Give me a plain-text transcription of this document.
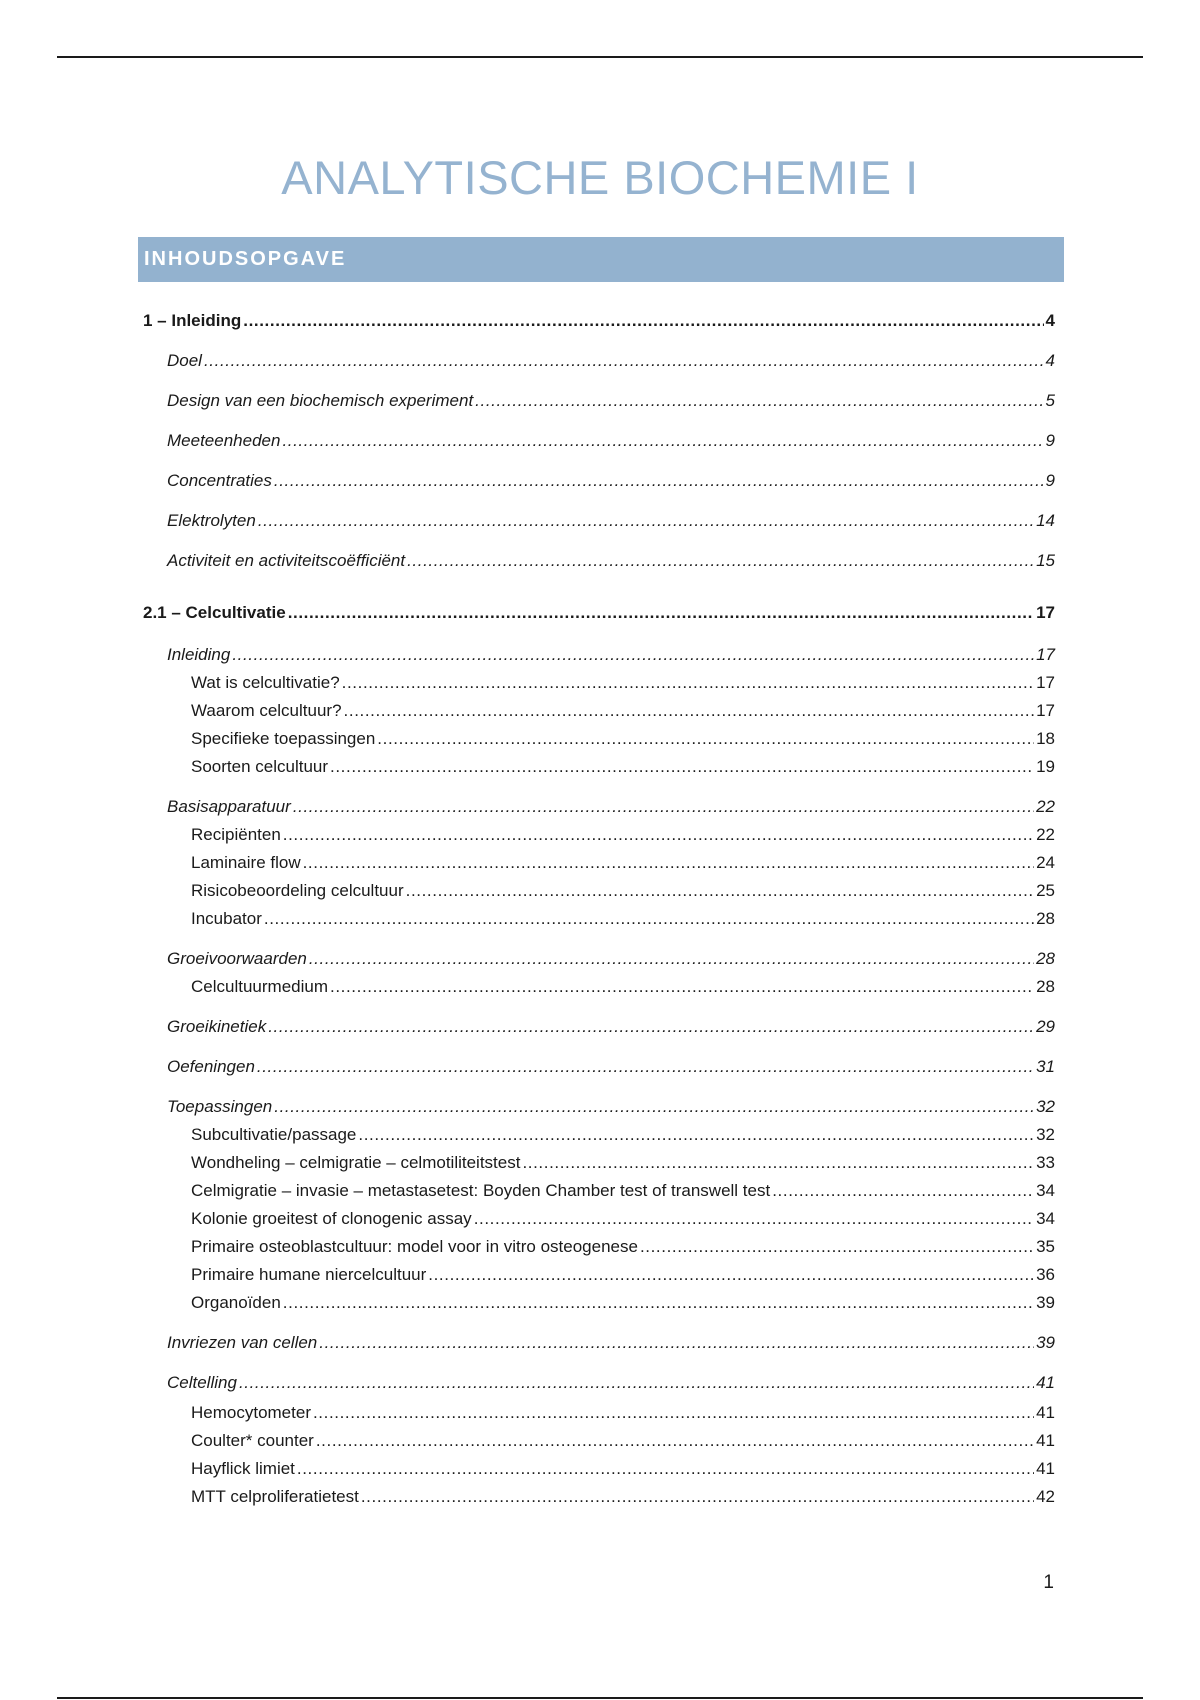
ANALYTISCHE BIOCHEMIE I
INHOUDSOPGAVE
1 – Inleiding .....	4
Doel .....	4
Design van een biochemisch experiment .....	5
Meeteenheden .....	9
Concentraties .....	9
Elektrolyten .....	14
Activiteit en activiteitscoëfficiënt .....	15
2.1 – Celcultivatie .....	17
Inleiding .....	17
Wat is celcultivatie? .....	17
Waarom celcultuur? .....	17
Specifieke toepassingen .....	18
Soorten celcultuur .....	19
Basisapparatuur .....	22
Recipiënten .....	22
Laminaire flow .....	24
Risicobeoordeling celcultuur .....	25
Incubator .....	28
Groeivoorwaarden .....	28
Celcultuurmedium .....	28
Groeikinetiek .....	29
Oefeningen .....	31
Toepassingen .....	32
Subcultivatie/passage .....	32
Wondheling – celmigratie – celmotiliteitstest .....	33
Celmigratie – invasie – metastasetest: Boyden Chamber test of transwell test .....	34
Kolonie groeitest of clonogenic assay .....	34
Primaire osteoblastcultuur: model voor in vitro osteogenese .....	35
Primaire humane niercelcultuur .....	36
Organoïden .....	39
Invriezen van cellen .....	39
Celtelling .....	41
Hemocytometer .....	41
Coulter* counter .....	41
Hayflick limiet .....	41
MTT celproliferatietest .....	42
1
